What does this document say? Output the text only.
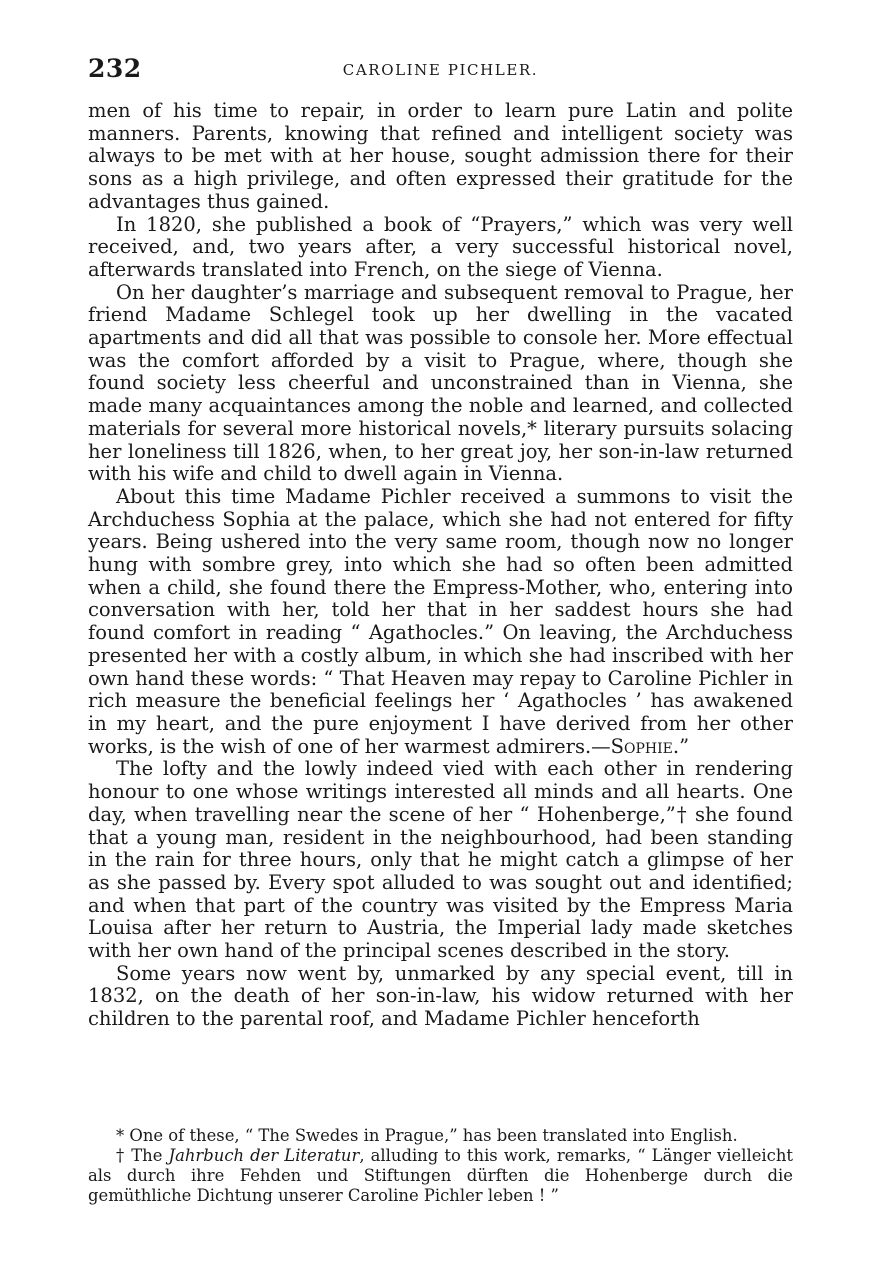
232	CAROLINE PICHLER.

men of his time to repair, in order to learn pure Latin and polite manners. Parents, knowing that refined and intelligent society was always to be met with at her house, sought admission there for their sons as a high privilege, and often expressed their gratitude for the advantages thus gained.

In 1820, she published a book of “Prayers,” which was very well received, and, two years after, a very successful historical novel, afterwards translated into French, on the siege of Vienna.

On her daughter’s marriage and subsequent removal to Prague, her friend Madame Schlegel took up her dwelling in the vacated apartments and did all that was possible to console her. More effectual was the comfort afforded by a visit to Prague, where, though she found society less cheerful and unconstrained than in Vienna, she made many acquaintances among the noble and learned, and collected materials for several more historical novels,* literary pursuits solacing her loneliness till 1826, when, to her great joy, her son-in-law returned with his wife and child to dwell again in Vienna.

About this time Madame Pichler received a summons to visit the Archduchess Sophia at the palace, which she had not entered for fifty years. Being ushered into the very same room, though now no longer hung with sombre grey, into which she had so often been admitted when a child, she found there the Empress-Mother, who, entering into conversation with her, told her that in her saddest hours she had found comfort in reading “ Agathocles.” On leaving, the Archduchess presented her with a costly album, in which she had inscribed with her own hand these words: “ That Heaven may repay to Caroline Pichler in rich measure the beneficial feelings her ‘ Agathocles ’ has awakened in my heart, and the pure enjoyment I have derived from her other works, is the wish of one of her warmest admirers.—Sophie.”

The lofty and the lowly indeed vied with each other in rendering honour to one whose writings interested all minds and all hearts. One day, when travelling near the scene of her “ Hohenberge,”† she found that a young man, resident in the neighbourhood, had been standing in the rain for three hours, only that he might catch a glimpse of her as she passed by. Every spot alluded to was sought out and identified; and when that part of the country was visited by the Empress Maria Louisa after her return to Austria, the Imperial lady made sketches with her own hand of the principal scenes described in the story.

Some years now went by, unmarked by any special event, till in 1832, on the death of her son-in-law, his widow returned with her children to the parental roof, and Madame Pichler henceforth

* One of these, “ The Swedes in Prague,” has been translated into English.

† The Jahrbuch der Literatur, alluding to this work, remarks, “ Länger vielleicht als durch ihre Fehden und Stiftungen dürften die Hohenberge durch die gemüthliche Dichtung unserer Caroline Pichler leben ! ”
